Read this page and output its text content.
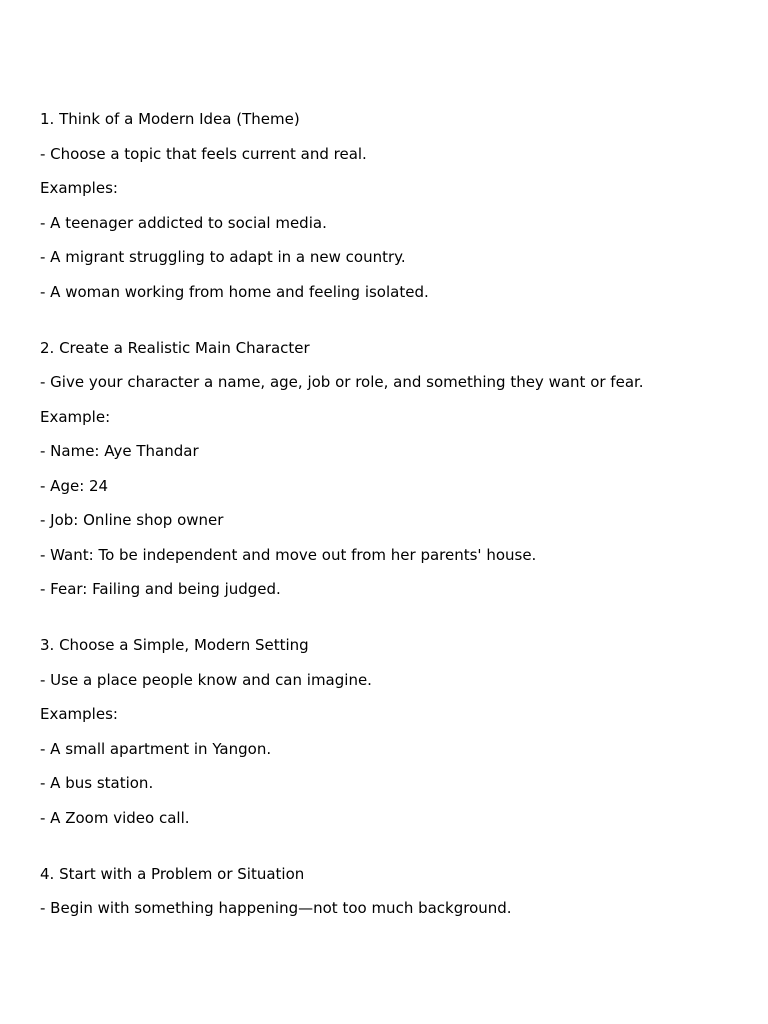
1. Think of a Modern Idea (Theme)
- Choose a topic that feels current and real.
Examples:
- A teenager addicted to social media.
- A migrant struggling to adapt in a new country.
- A woman working from home and feeling isolated.
2. Create a Realistic Main Character
- Give your character a name, age, job or role, and something they want or fear.
Example:
- Name: Aye Thandar
- Age: 24
- Job: Online shop owner
- Want: To be independent and move out from her parents' house.
- Fear: Failing and being judged.
3. Choose a Simple, Modern Setting
- Use a place people know and can imagine.
Examples:
- A small apartment in Yangon.
- A bus station.
- A Zoom video call.
4. Start with a Problem or Situation
- Begin with something happening—not too much background.
